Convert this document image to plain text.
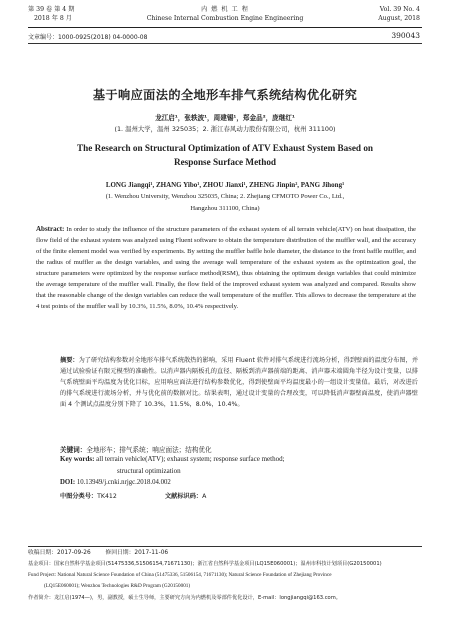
第 39 卷 第 4 期
2018 年 8 月
内 燃 机 工 程
Chinese Internal Combustion Engine Engineering
Vol. 39 No. 4
August, 2018
文章编号：1000-0925(2018) 04-0000-08	390043
基于响应面法的全地形车排气系统结构优化研究
龙江启¹，张轶波¹，周建锡¹，郑金品²，庞继红¹
(1. 温州大学，温州 325035；2. 浙江春风动力股份有限公司，杭州 311100)
The Research on Structural Optimization of ATV Exhaust System Based on
Response Surface Method
LONG Jiangqi¹, ZHANG Yibo¹, ZHOU Jianxi¹, ZHENG Jinpin², PANG Jihong¹
(1. Wenzhou University, Wenzhou 325035, China; 2. Zhejiang CFMOTO Power Co., Ltd.,
Hangzhou 311100, China)
Abstract: In order to study the influence of the structure parameters of the exhaust system of all terrain vehicle(ATV) on heat dissipation, the flow field of the exhaust system was analyzed using Fluent software to obtain the temperature distribution of the muffler wall, and the accuracy of the finite element model was verified by experiments. By setting the muffler baffle hole diameter, the distance to the front baffle muffler, and the radius of muffler as the design variables, and using the average wall temperature of the exhaust system as the optimization goal, the structure parameters were optimized by the response surface method(RSM), thus obtaining the optimum design variables that could minimize the average temperature of the muffler wall. Finally, the flow field of the improved exhaust system was analyzed and compared. Results show that the reasonable change of the design variables can reduce the wall temperature of the muffler. This allows to decrease the temperature at the 4 test points of the muffler wall by 10.3%, 11.5%, 8.0%, 10.4% respectively.
摘要：为了研究结构参数对全地形车排气系统散热的影响，采用 Fluent 软件对排气系统进行流场分析，得到壁面的温度分布图，并通过试验验证有限元模型的准确性。以消声器内隔板孔的直径、隔板到消声器前端的距离、消声器末端圆角半径为设计变量，以排气系统壁面平均温度为优化目标，应用响应面法进行结构参数优化，得到使壁面平均温度最小的一组设计变量值。最后，对改进后的排气系统进行流场分析，并与优化前的数据对比。结果表明，通过设计变量的合理改变，可以降低消声器壁面温度，使消声器壁面 4 个测试点温度分别下降了 10.3%，11.5%，8.0%，10.4%。
关键词：全地形车；排气系统；响应面法；结构优化
Key words: all terrain vehicle(ATV); exhaust system; response surface method;
structural optimization
DOI: 10.13949/j.cnki.nrjgc.2018.04.002
中图分类号：TK412	文献标识码：A
收稿日期：2017-09-26        修回日期：2017-11-06
基金项目：国家自然科学基金项目(51475336,51506154,71671130)；浙江省自然科学基金项目(LQ15E060001)；温州市科技计划项目(G20150001)
Fund Project: National Natural Science Foundation of China (51475336, 51506154, 71671130); Natural Science Foundation of Zhejiang Province
(LQ15E060001); Wenzhou Technologies R&D Program (G20150001)
作者简介：龙江启(1974—)，男，副教授，硕士生导师，主要研究方向为内燃机及零部件优化设计，E-mail：longjiangqi@163.com。
